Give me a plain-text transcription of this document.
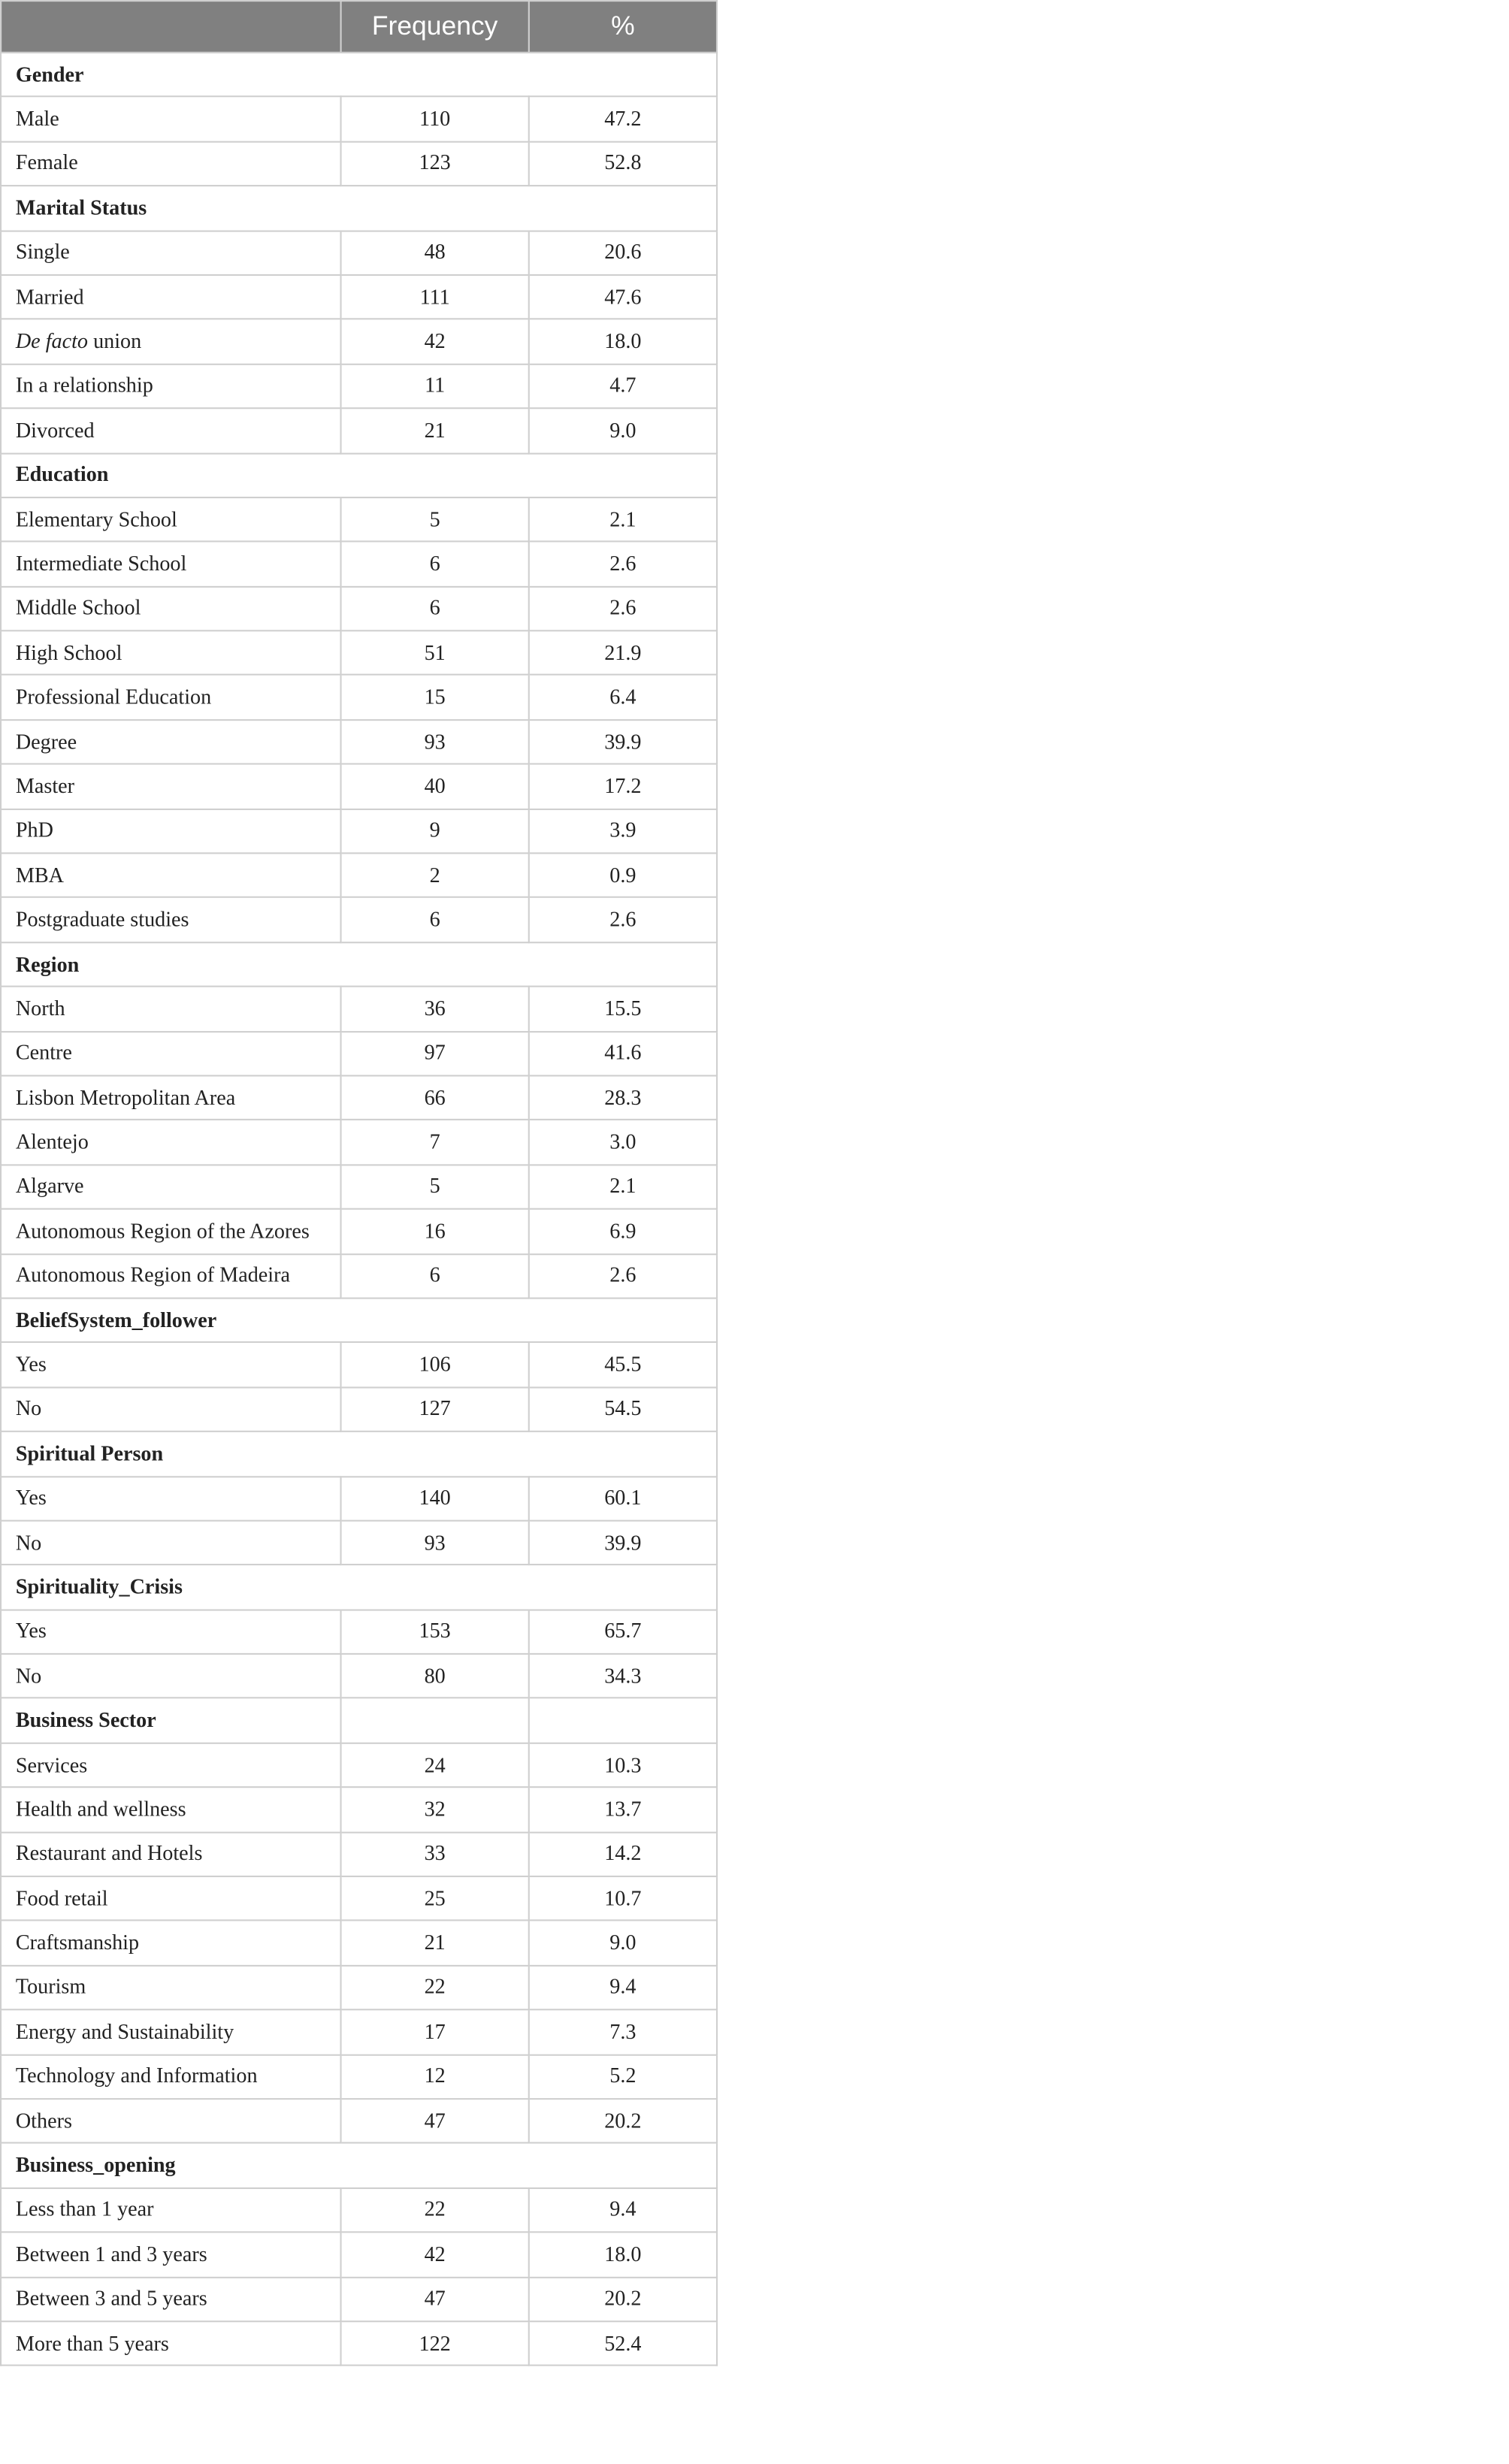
	Frequency	%
Gender		
Male	110	47.2
Female	123	52.8
Marital Status		
Single	48	20.6
Married	111	47.6
De facto union	42	18.0
In a relationship	11	4.7
Divorced	21	9.0
Education		
Elementary School	5	2.1
Intermediate School	6	2.6
Middle School	6	2.6
High School	51	21.9
Professional Education	15	6.4
Degree	93	39.9
Master	40	17.2
PhD	9	3.9
MBA	2	0.9
Postgraduate studies	6	2.6
Region		
North	36	15.5
Centre	97	41.6
Lisbon Metropolitan Area	66	28.3
Alentejo	7	3.0
Algarve	5	2.1
Autonomous Region of the Azores	16	6.9
Autonomous Region of Madeira	6	2.6
BeliefSystem_follower		
Yes	106	45.5
No	127	54.5
Spiritual Person		
Yes	140	60.1
No	93	39.9
Spirituality_Crisis		
Yes	153	65.7
No	80	34.3
Business Sector		
Services	24	10.3
Health and wellness	32	13.7
Restaurant and Hotels	33	14.2
Food retail	25	10.7
Craftsmanship	21	9.0
Tourism	22	9.4
Energy and Sustainability	17	7.3
Technology and Information	12	5.2
Others	47	20.2
Business_opening		
Less than 1 year	22	9.4
Between 1 and 3 years	42	18.0
Between 3 and 5 years	47	20.2
More than 5 years	122	52.4
